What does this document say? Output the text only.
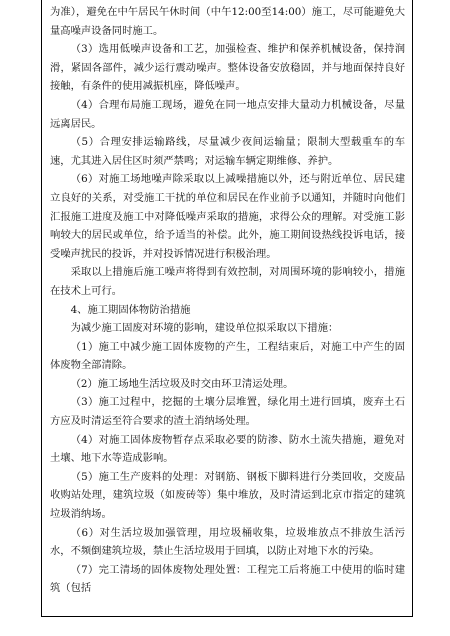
为准），避免在中午居民午休时间（中午12:00至14:00）施工，尽可能避免大量高噪声设备同时施工。

（3）选用低噪声设备和工艺，加强检查、维护和保养机械设备，保持润滑，紧固各部件，减少运行震动噪声。整体设备安放稳固，并与地面保持良好接触，有条件的使用减振机座，降低噪声。

（4）合理布局施工现场，避免在同一地点安排大量动力机械设备，尽量远离居民。

（5）合理安排运输路线，尽量减少夜间运输量；限制大型载重车的车速，尤其进入居住区时须严禁鸣；对运输车辆定期维修、养护。

（6）对施工场地噪声除采取以上减噪措施以外，还与附近单位、居民建立良好的关系，对受施工干扰的单位和居民在作业前予以通知，并随时向他们汇报施工进度及施工中对降低噪声采取的措施，求得公众的理解。对受施工影响较大的居民或单位，给予适当的补偿。此外，施工期间设热线投诉电话，接受噪声扰民的投诉，并对投诉情况进行积极治理。

采取以上措施后施工噪声将得到有效控制，对周围环境的影响较小，措施在技术上可行。

4、施工期固体物防治措施

为减少施工固废对环境的影响，建设单位拟采取以下措施：

（1）施工中减少施工固体废物的产生，工程结束后，对施工中产生的固体废物全部清除。

（2）施工场地生活垃圾及时交由环卫清运处理。

（3）施工过程中，挖掘的土壤分层堆置，绿化用土进行回填，废弃土石方应及时清运至符合要求的渣土消纳场处理。

（4）对施工固体废物暂存点采取必要的防渗、防水土流失措施，避免对土壤、地下水等造成影响。

（5）施工生产废料的处理：对钢筋、钢板下脚料进行分类回收，交废品收购站处理，建筑垃圾（如废砖等）集中堆放，及时清运到北京市指定的建筑垃圾消纳场。

（6）对生活垃圾加强管理，用垃圾桶收集，垃圾堆放点不排放生活污水，不频倒建筑垃圾，禁止生活垃圾用于回填，以防止对地下水的污染。

（7）完工清场的固体废物处理处置：工程完工后将施工中使用的临时建筑（包括
